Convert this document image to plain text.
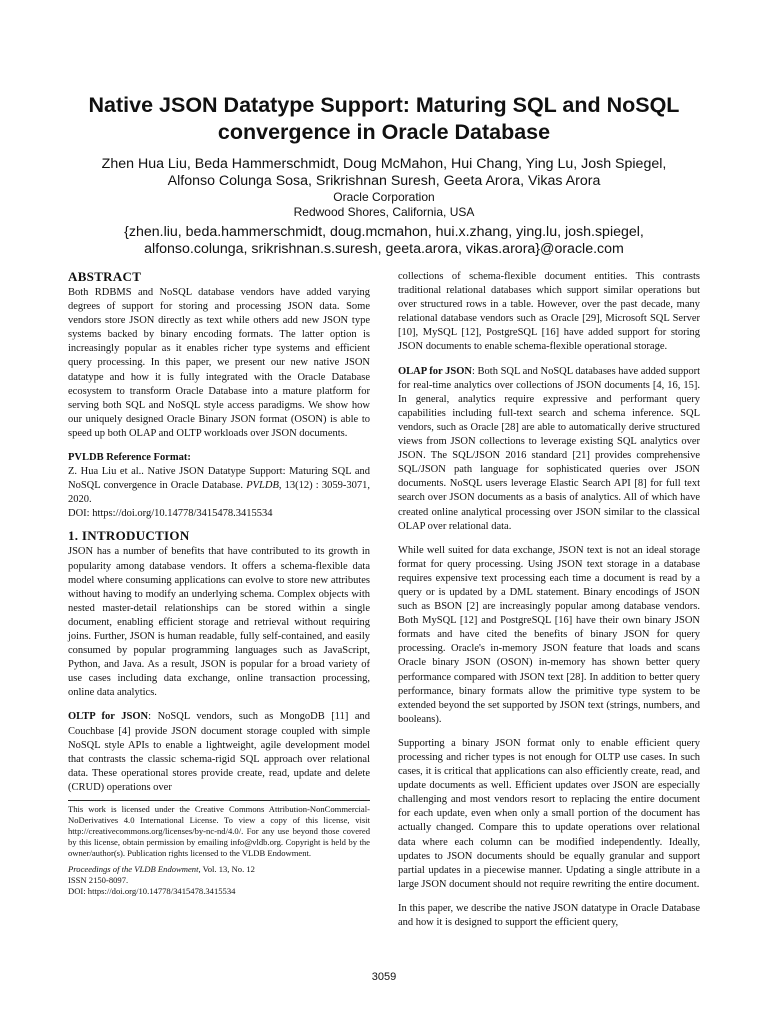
Native JSON Datatype Support: Maturing SQL and NoSQL
convergence in Oracle Database
Zhen Hua Liu, Beda Hammerschmidt, Doug McMahon, Hui Chang, Ying Lu, Josh Spiegel,
Alfonso Colunga Sosa, Srikrishnan Suresh, Geeta Arora, Vikas Arora
Oracle Corporation
Redwood Shores, California, USA
{zhen.liu, beda.hammerschmidt, doug.mcmahon, hui.x.zhang, ying.lu, josh.spiegel,
alfonso.colunga, srikrishnan.s.suresh, geeta.arora, vikas.arora}@oracle.com
ABSTRACT

Both RDBMS and NoSQL database vendors have added varying degrees of support for storing and processing JSON data. Some vendors store JSON directly as text while others add new JSON type systems backed by binary encoding formats. The latter option is increasingly popular as it enables richer type systems and efficient query processing. In this paper, we present our new native JSON datatype and how it is fully integrated with the Oracle Database ecosystem to transform Oracle Database into a mature platform for serving both SQL and NoSQL style access paradigms. We show how our uniquely designed Oracle Binary JSON format (OSON) is able to speed up both OLAP and OLTP workloads over JSON documents.

PVLDB Reference Format:
Z. Hua Liu et al.. Native JSON Datatype Support: Maturing SQL and NoSQL convergence in Oracle Database. PVLDB, 13(12) : 3059-3071, 2020.
DOI: https://doi.org/10.14778/3415478.3415534
1. INTRODUCTION

JSON has a number of benefits that have contributed to its growth in popularity among database vendors. It offers a schema-flexible data model where consuming applications can evolve to store new attributes without having to modify an underlying schema. Complex objects with nested master-detail relationships can be stored within a single document, enabling efficient storage and retrieval without requiring joins. Further, JSON is human readable, fully self-contained, and easily consumed by popular programming languages such as JavaScript, Python, and Java. As a result, JSON is popular for a broad variety of use cases including data exchange, online transaction processing, online data analytics.

OLTP for JSON: NoSQL vendors, such as MongoDB [11] and Couchbase [4] provide JSON document storage coupled with simple NoSQL style APIs to enable a lightweight, agile development model that contrasts the classic schema-rigid SQL approach over relational data. These operational stores provide create, read, update and delete (CRUD) operations over

This work is licensed under the Creative Commons Attribution-NonCommercial-NoDerivatives 4.0 International License. To view a copy of this license, visit http://creativecommons.org/licenses/by-nc-nd/4.0/. For any use beyond those covered by this license, obtain permission by emailing info@vldb.org. Copyright is held by the owner/author(s). Publication rights licensed to the VLDB Endowment.

Proceedings of the VLDB Endowment, Vol. 13, No. 12

ISSN 2150-8097.

DOI: https://doi.org/10.14778/3415478.3415534

collections of schema-flexible document entities. This contrasts traditional relational databases which support similar operations but over structured rows in a table. However, over the past decade, many relational database vendors such as Oracle [29], Microsoft SQL Server [10], MySQL [12], PostgreSQL [16] have added support for storing JSON documents to enable schema-flexible operational storage.

OLAP for JSON: Both SQL and NoSQL databases have added support for real-time analytics over collections of JSON documents [4, 16, 15]. In general, analytics require expressive and performant query capabilities including full-text search and schema inference. SQL vendors, such as Oracle [28] are able to automatically derive structured views from JSON collections to leverage existing SQL analytics over JSON. The SQL/JSON 2016 standard [21] provides comprehensive SQL/JSON path language for sophisticated queries over JSON documents. NoSQL users leverage Elastic Search API [8] for full text search over JSON documents as a basis of analytics. All of which have created online analytical processing over JSON similar to the classical OLAP over relational data.

While well suited for data exchange, JSON text is not an ideal storage format for query processing. Using JSON text storage in a database requires expensive text processing each time a document is read by a query or is updated by a DML statement. Binary encodings of JSON such as BSON [2] are increasingly popular among database vendors. Both MySQL [12] and PostgreSQL [16] have their own binary JSON formats and have cited the benefits of binary JSON for query processing. Oracle's in-memory JSON feature that loads and scans Oracle binary JSON (OSON) in-memory has shown better query performance compared with JSON text [28]. In addition to better query performance, binary formats allow the primitive type system to be extended beyond the set supported by JSON text (strings, numbers, and booleans).

Supporting a binary JSON format only to enable efficient query processing and richer types is not enough for OLTP use cases. In such cases, it is critical that applications can also efficiently create, read, and update documents as well. Efficient updates over JSON are especially challenging and most vendors resort to replacing the entire document for each update, even when only a small portion of the document has actually changed. Compare this to update operations over relational data where each column can be modified independently. Ideally, updates to JSON documents should be equally granular and support partial updates in a piecewise manner. Updating a single attribute in a large JSON document should not require rewriting the entire document.

In this paper, we describe the native JSON datatype in Oracle Database and how it is designed to support the efficient query,

3059
